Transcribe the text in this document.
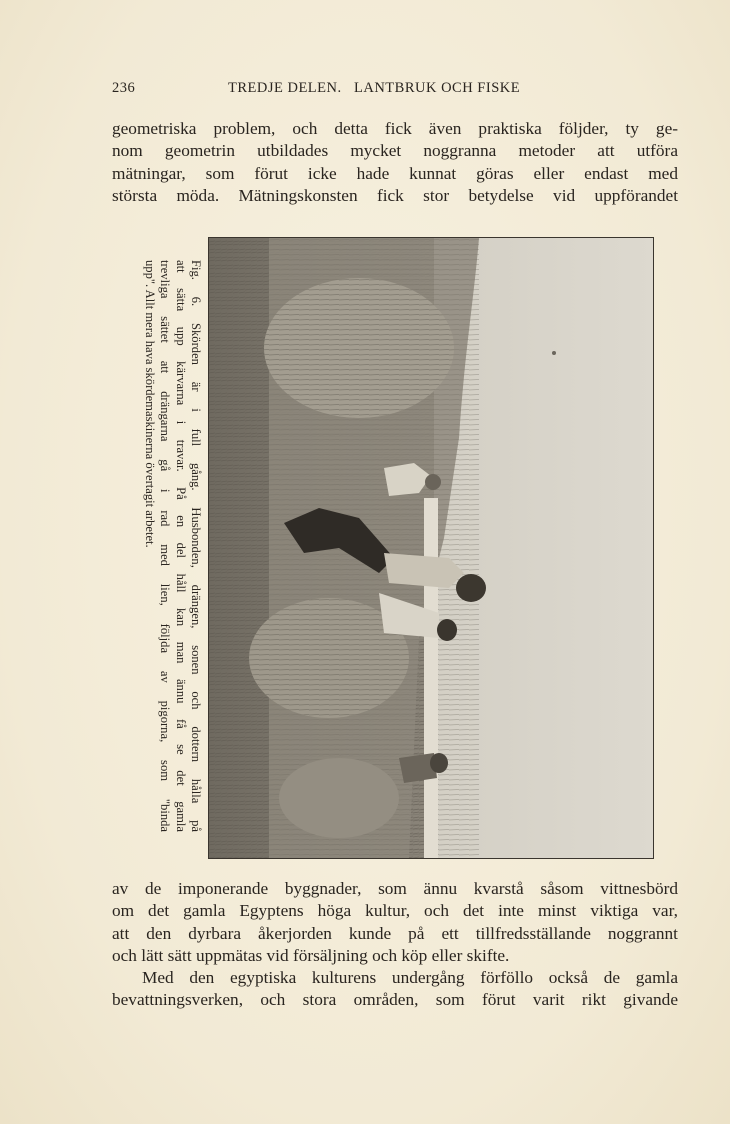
236	TREDJE DELEN.   LANTBRUK OCH FISKE
geometriska problem, och detta fick även praktiska följder, ty ge-
nom geometrin utbildades mycket noggranna metoder att utföra
mätningar, som förut icke hade kunnat göras eller endast med
största möda. Mätningskonsten fick stor betydelse vid uppförandet
Fig. 6. Skörden är i full gång. Husbonden, drängen, sonen och dottern hålla på
att sätta upp kärvarna i travar. På en del håll kan man ännu få se det gamla
trevliga sättet att drängarna gå i rad med lien, följda av pigorna, som "binda
upp". Allt mera hava skördemaskinerna övertagit arbetet.
av de imponerande byggnader, som ännu kvarstå såsom vittnesbörd
om det gamla Egyptens höga kultur, och det inte minst viktiga var,
att den dyrbara åkerjorden kunde på ett tillfredsställande noggrannt
och lätt sätt uppmätas vid försäljning och köp eller skifte.
Med den egyptiska kulturens undergång förföllo också de gamla
bevattningsverken, och stora områden, som förut varit rikt givande
